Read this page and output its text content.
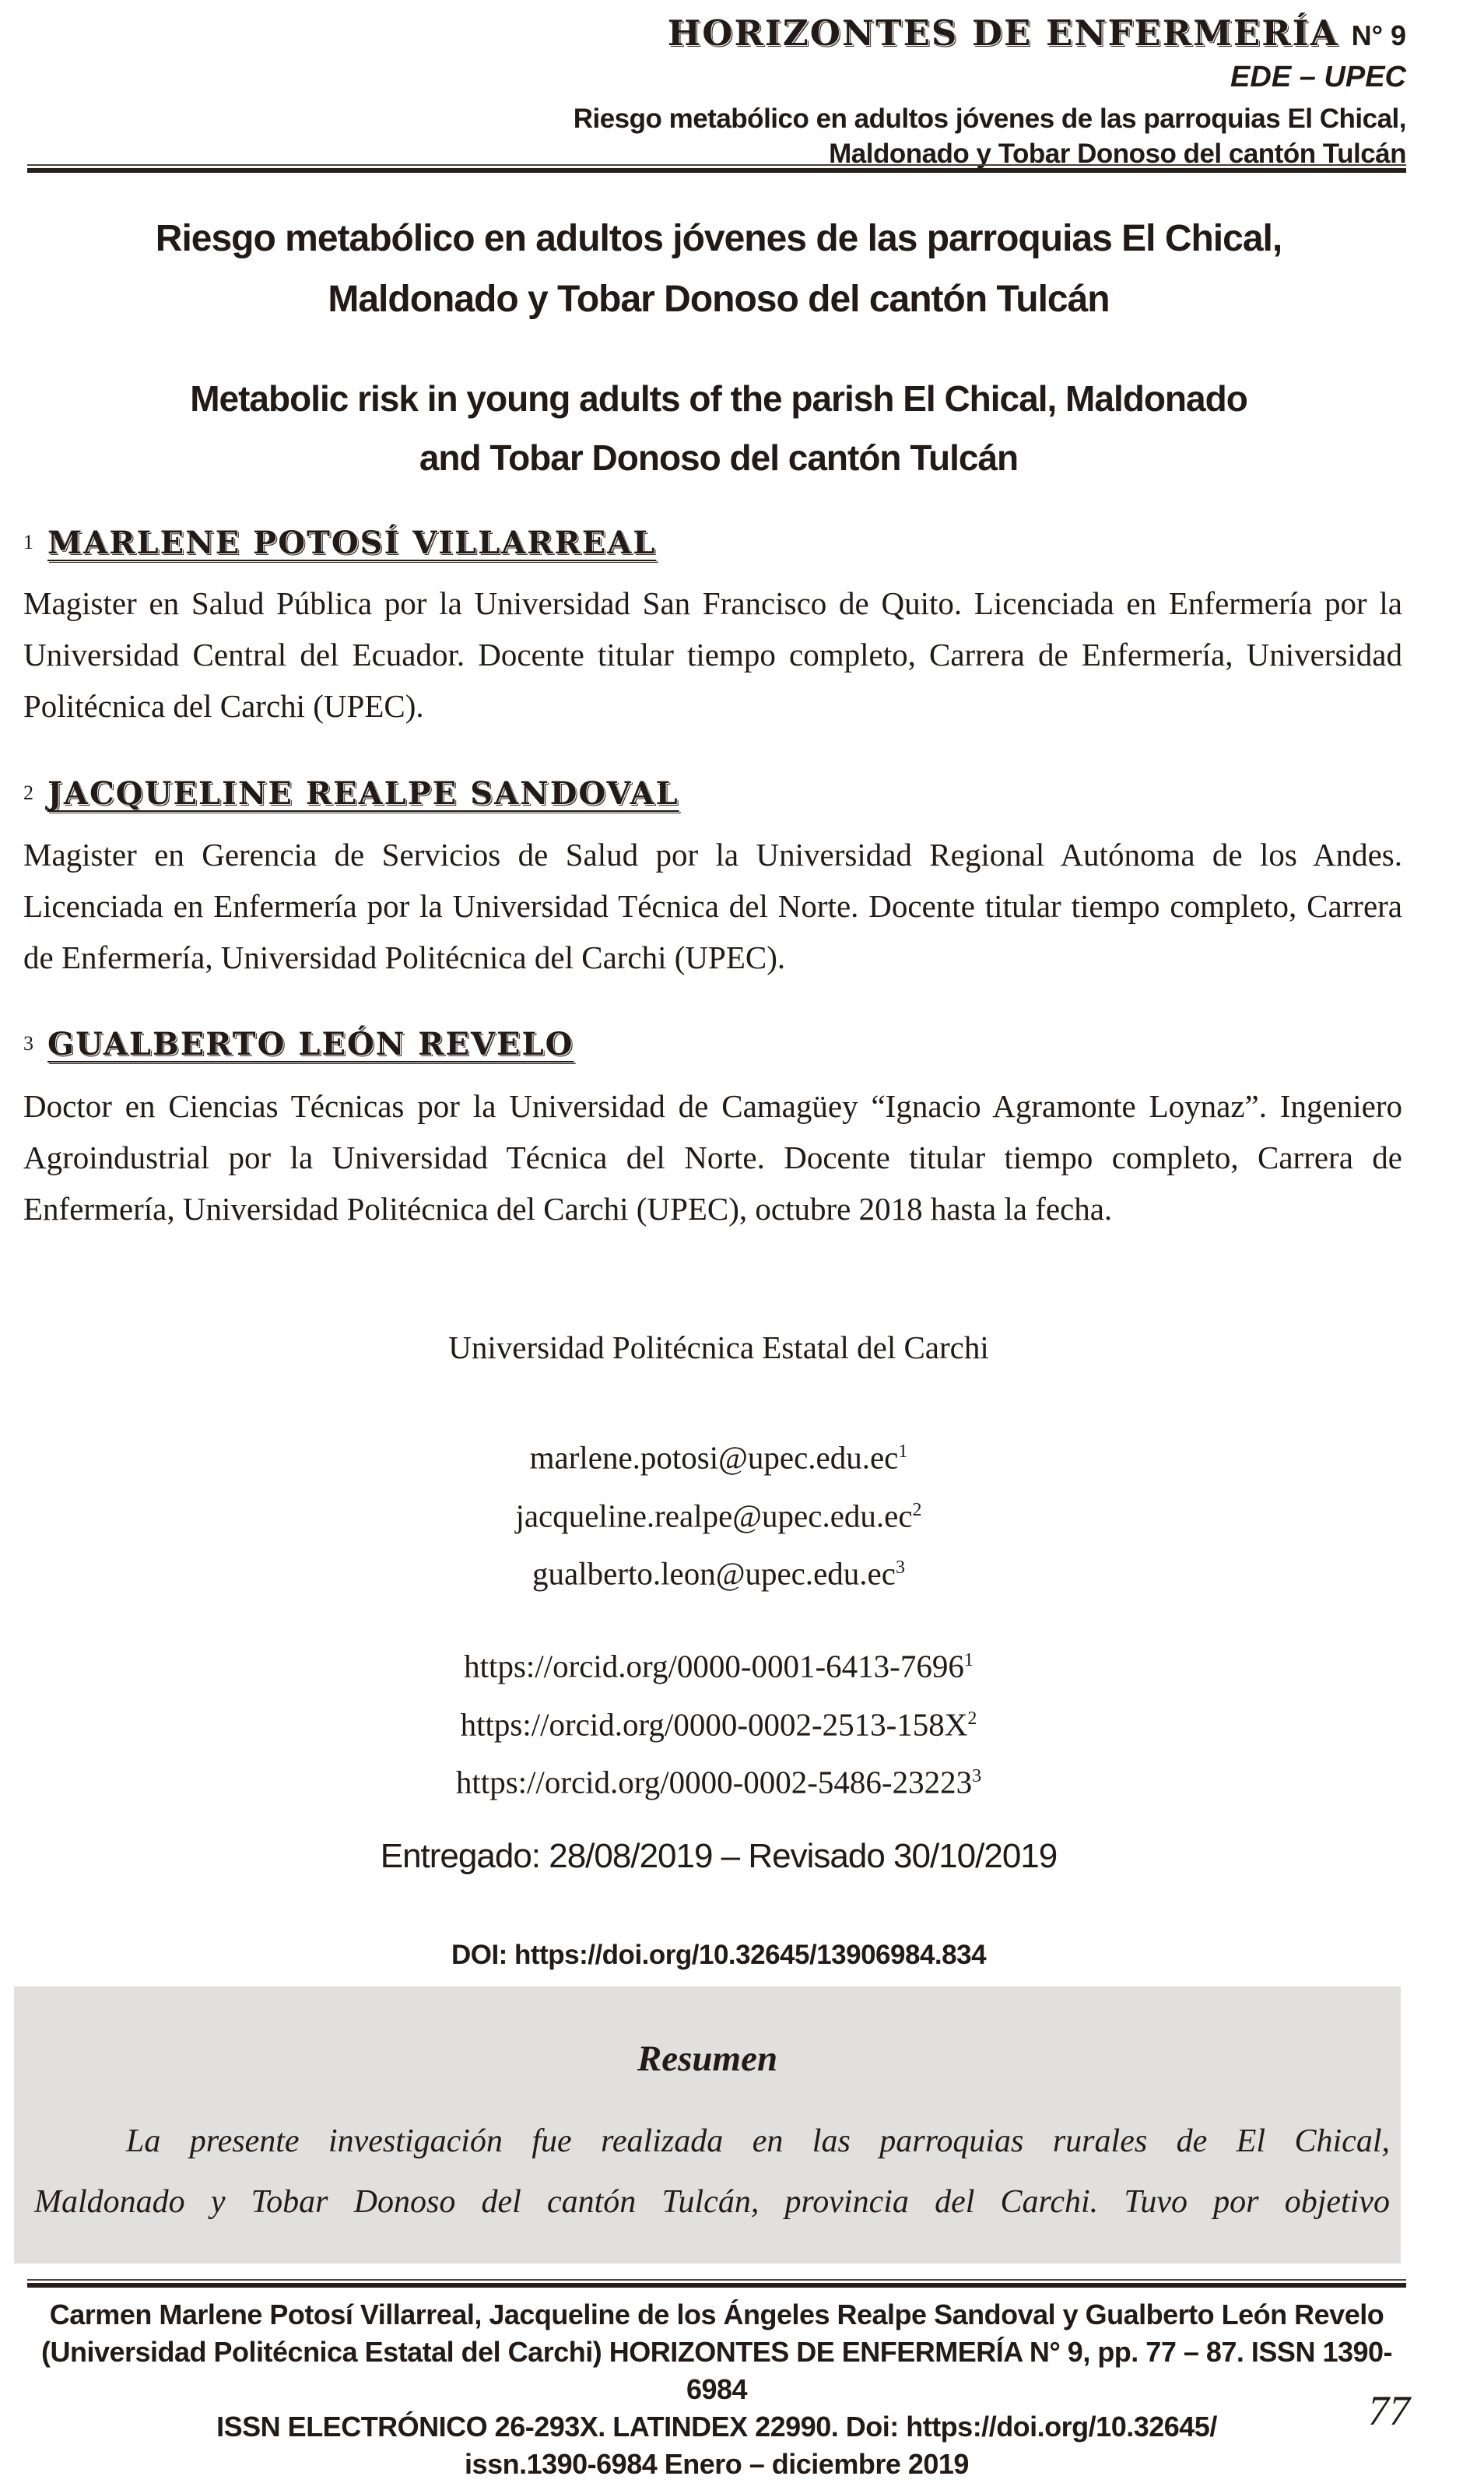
HORIZONTES DE ENFERMERÍA N° 9
EDE – UPEC
Riesgo metabólico en adultos jóvenes de las parroquias El Chical,
Maldonado y Tobar Donoso del cantón Tulcán
Riesgo metabólico en adultos jóvenes de las parroquias El Chical,
Maldonado y Tobar Donoso del cantón Tulcán
Metabolic risk in young adults of the parish El Chical, Maldonado
and Tobar Donoso del cantón Tulcán
$^1$ MARLENE POTOSÍ VILLARREAL
Magister en Salud Pública por la Universidad San Francisco de Quito. Licenciada en Enfermería por la Universidad Central del Ecuador. Docente titular tiempo completo, Carrera de Enfermería, Universidad Politécnica del Carchi (UPEC).
$^2$ JACQUELINE REALPE SANDOVAL
Magister en Gerencia de Servicios de Salud por la Universidad Regional Autónoma de los Andes. Licenciada en Enfermería por la Universidad Técnica del Norte. Docente titular tiempo completo, Carrera de Enfermería, Universidad Politécnica del Carchi (UPEC).
$^3$ GUALBERTO LEÓN REVELO
Doctor en Ciencias Técnicas por la Universidad de Camagüey “Ignacio Agramonte Loynaz”. Ingeniero Agroindustrial por la Universidad Técnica del Norte. Docente titular tiempo completo, Carrera de Enfermería, Universidad Politécnica del Carchi (UPEC), octubre 2018 hasta la fecha.
Universidad Politécnica Estatal del Carchi
$marlene.potosi@upec.edu.ec^1$
$jacqueline.realpe@upec.edu.ec^2$
$gualberto.leon@upec.edu.ec^3$
https://orcid.org/0000-0001-6413-7696$^1$
$https://orcid.org/0000-0002-2513-158X^2$
https://orcid.org/0000-0002-5486-23223$^3$
Entregado: 28/08/2019 – Revisado 30/10/2019
DOI: https://doi.org/10.32645/13906984.834
Resumen
La presente investigación fue realizada en las parroquias rurales de El Chical,
Maldonado y Tobar Donoso del cantón Tulcán, provincia del Carchi. Tuvo por objetivo
Carmen Marlene Potosí Villarreal, Jacqueline de los Ángeles Realpe Sandoval y Gualberto León Revelo
(Universidad Politécnica Estatal del Carchi) HORIZONTES DE ENFERMERÍA N° 9, pp. 77 – 87. ISSN 1390-6984
ISSN ELECTRÓNICO 26-293X. LATINDEX 22990. Doi: https://doi.org/10.32645/
issn.1390-6984 Enero – diciembre 2019
77
